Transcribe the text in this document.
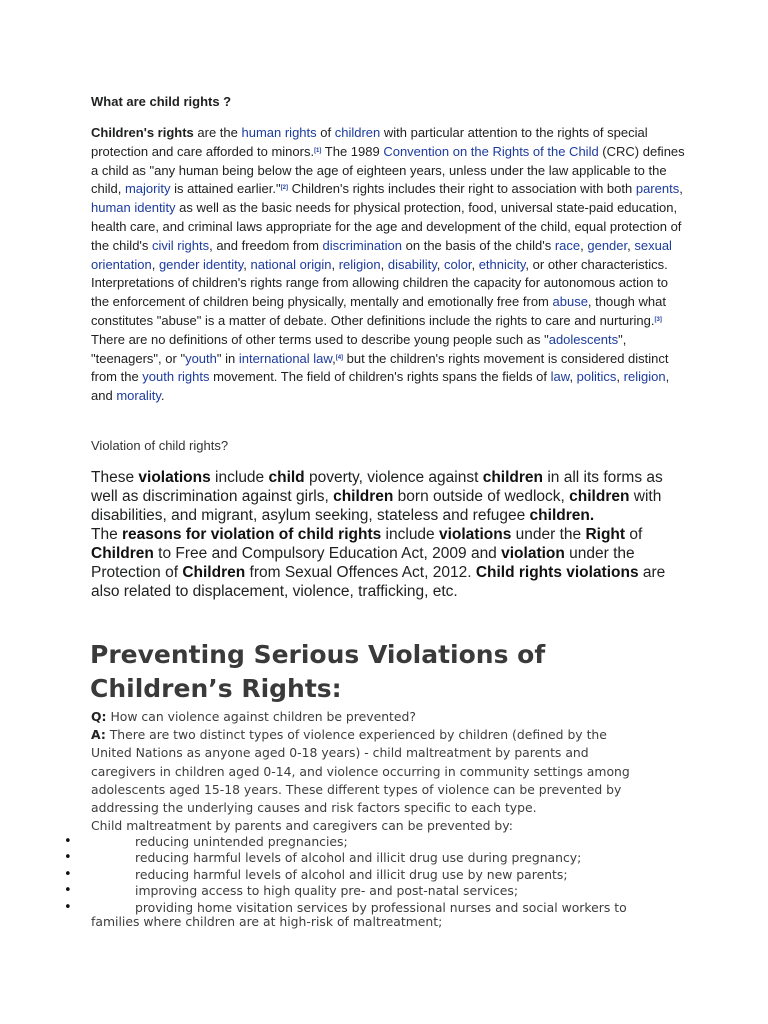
What are child rights ?

Children's rights are the human rights of children with particular attention to the rights of special protection and care afforded to minors.[1] The 1989 Convention on the Rights of the Child (CRC) defines a child as "any human being below the age of eighteen years, unless under the law applicable to the child, majority is attained earlier."[2] Children's rights includes their right to association with both parents, human identity as well as the basic needs for physical protection, food, universal state-paid education, health care, and criminal laws appropriate for the age and development of the child, equal protection of the child's civil rights, and freedom from discrimination on the basis of the child's race, gender, sexual orientation, gender identity, national origin, religion, disability, color, ethnicity, or other characteristics. Interpretations of children's rights range from allowing children the capacity for autonomous action to the enforcement of children being physically, mentally and emotionally free from abuse, though what constitutes "abuse" is a matter of debate. Other definitions include the rights to care and nurturing.[3] There are no definitions of other terms used to describe young people such as "adolescents", "teenagers", or "youth" in international law,[4] but the children's rights movement is considered distinct from the youth rights movement. The field of children's rights spans the fields of law, politics, religion, and morality.

Violation of child rights?

These violations include child poverty, violence against children in all its forms as well as discrimination against girls, children born outside of wedlock, children with disabilities, and migrant, asylum seeking, stateless and refugee children.
The reasons for violation of child rights include violations under the Right of Children to Free and Compulsory Education Act, 2009 and violation under the Protection of Children from Sexual Offences Act, 2012. Child rights violations are also related to displacement, violence, trafficking, etc.

Preventing Serious Violations of Children’s Rights:

Q: How can violence against children be prevented?
A: There are two distinct types of violence experienced by children (defined by the United Nations as anyone aged 0-18 years) - child maltreatment by parents and caregivers in children aged 0-14, and violence occurring in community settings among adolescents aged 15-18 years. These different types of violence can be prevented by addressing the underlying causes and risk factors specific to each type.

Child maltreatment by parents and caregivers can be prevented by:
•	reducing unintended pregnancies;
•	reducing harmful levels of alcohol and illicit drug use during pregnancy;
•	reducing harmful levels of alcohol and illicit drug use by new parents;
•	improving access to high quality pre- and post-natal services;
•	providing home visitation services by professional nurses and social workers to
families where children are at high-risk of maltreatment;
